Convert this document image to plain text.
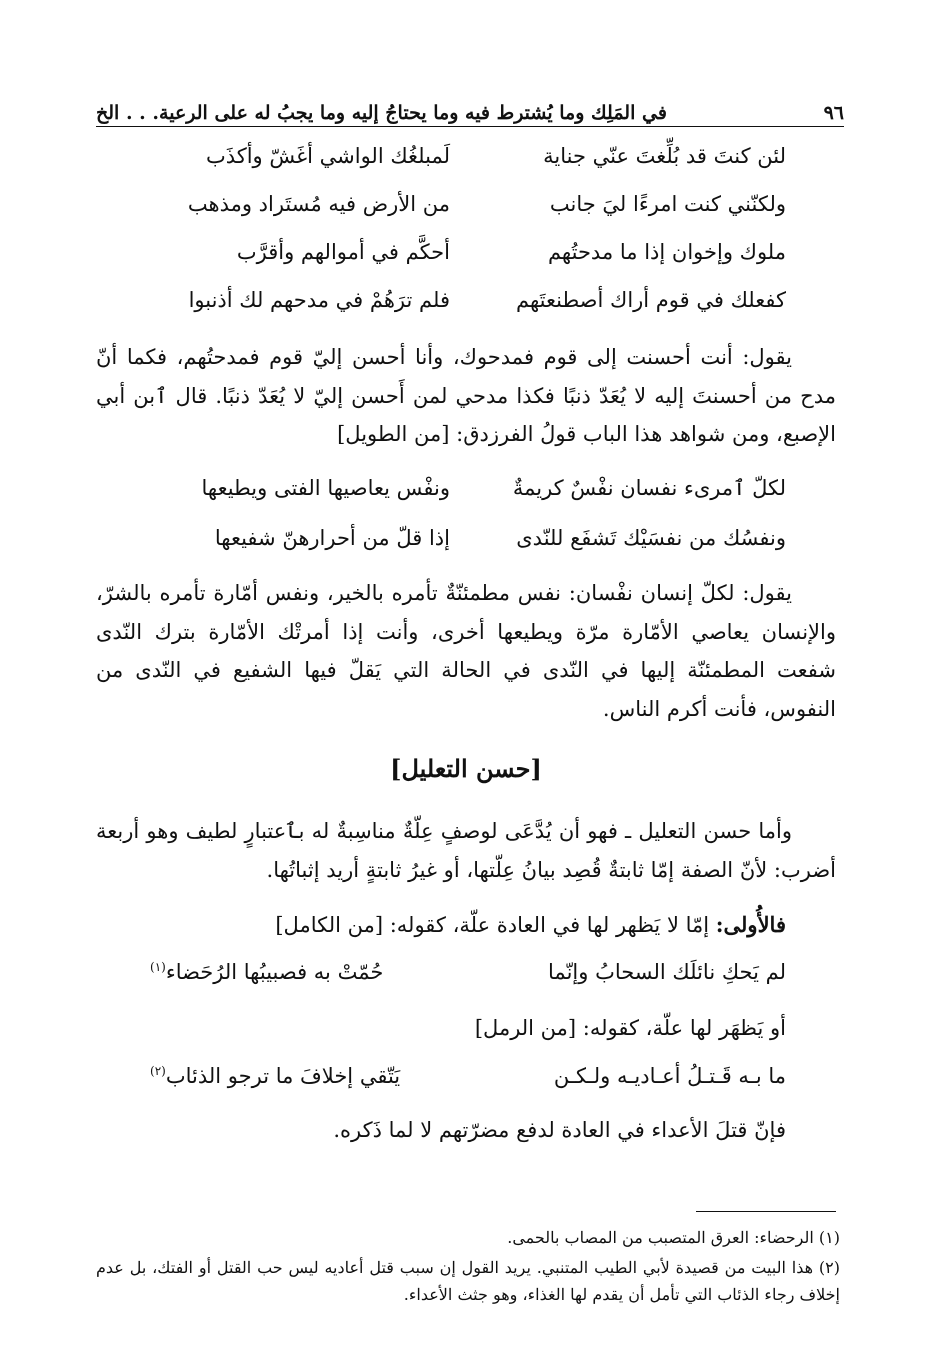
٩٦
في المَلِك وما يُشترط فيه وما يحتاجُ إليه وما يجبُ له على الرعية. . . الخ
لئن كنتَ قد بُلِّغتَ عنّي جناية
لَمبلغُك الواشي أغَشّ وأكذَب
ولكنّني كنت امرءًا ليَ جانب
من الأرض فيه مُستَراد ومذهب
ملوك وإخوان إذا ما مدحتُهم
أحكَّم في أموالهم وأقرَّب
كفعلك في قوم أراك أصطنعتَهم
فلم ترَهُمْ في مدحهم لك أذنبوا
يقول: أنت أحسنت إلى قوم فمدحوك، وأنا أحسن إليّ قوم فمدحتُهم، فكما أنّ مدح من أحسنتَ إليه لا يُعَدّ ذنبًا فكذا مدحي لمن أَحسن إليّ لا يُعَدّ ذنبًا. قال ٱبن أبي الإصبع، ومن شواهد هذا الباب قولُ الفرزدق: [من الطويل]
لكلّ ٱمرىء نفسان نفْسٌ كريمةٌ
ونفْس يعاصيها الفتى ويطيعها
ونفسُك من نفسَيْك تَشفَع للنّدى
إذا قلّ من أحرارهنّ شفيعها
يقول: لكلّ إنسان نفْسان: نفس مطمئنّةٌ تأمره بالخير، ونفس أمّارة تأمره بالشرّ، والإنسان يعاصي الأمّارة مرّة ويطيعها أخرى، وأنت إذا أمرتْك الأمّارة بترك النّدى شفعت المطمئنّة إليها في النّدى في الحالة التي يَقلّ فيها الشفيع في النّدى من النفوس، فأنت أكرم الناس.
[حسن التعليل]
وأما حسن التعليل ـ فهو أن يُدَّعَى لوصفٍ عِلّةٌ مناسِبةٌ له بٱعتبارٍ لطيف وهو أربعة أضرب: لأنّ الصفة إمّا ثابتةٌ قُصِد بيانُ عِلّتها، أو غيرُ ثابتةٍ أريد إثباتُها.
فالأُولى: إمّا لا يَظهر لها في العادة علّة، كقوله: [من الكامل]
لم يَحكِ نائلَك السحابُ وإنّما
حُمّتْ به فصبيبُها الرُحَضاء$^{(١)}$
أو يَظهَر لها علّة، كقوله: [من الرمل]
ما بـه قَـتـلُ أعـاديـه ولـكـن
يَتّقي إخلافَ ما ترجو الذئاب$^{(٢)}$
فإنّ قتلَ الأعداء في العادة لدفع مضرّتهم لا لما ذَكره.
(١) الرحضاء: العرق المتصبب من المصاب بالحمى.
(٢) هذا البيت من قصيدة لأبي الطيب المتنبي. يريد القول إن سبب قتل أعاديه ليس حب القتل أو الفتك، بل عدم إخلاف رجاء الذئاب التي تأمل أن يقدم لها الغذاء، وهو جثث الأعداء.
